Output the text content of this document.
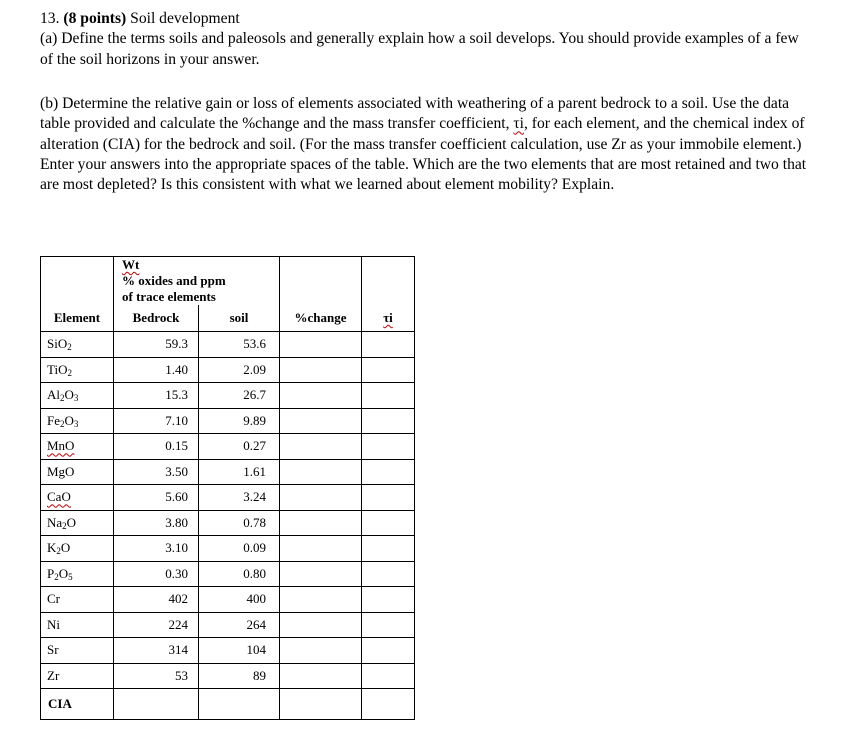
13. (8 points) Soil development
(a) Define the terms soils and paleosols and generally explain how a soil develops. You should provide examples of a few of the soil horizons in your answer.
(b) Determine the relative gain or loss of elements associated with weathering of a parent bedrock to a soil. Use the data table provided and calculate the %change and the mass transfer coefficient, τi, for each element, and the chemical index of alteration (CIA) for the bedrock and soil. (For the mass transfer coefficient calculation, use Zr as your immobile element.) Enter your answers into the appropriate spaces of the table. Which are the two elements that are most retained and two that are most depleted? Is this consistent with what we learned about element mobility? Explain.

	Wt
% oxides and ppm
of trace elements			

Element	Bedrock	soil	%change	τi
SiO$_2$	59.3	53.6		
TiO$_2$	1.40	2.09		
$Al_2O_3$	15.3	26.7		
$Fe_2O_3$	7.10	9.89		
MnO	0.15	0.27		
MgO	3.50	1.61		
CaO	5.60	3.24		
$Na_2O$	3.80	0.78		
$K_2O$	3.10	0.09		
$P_2O_5$	0.30	0.80		
Cr	402	400		
Ni	224	264		
Sr	314	104		
Zr	53	89		
CIA				
